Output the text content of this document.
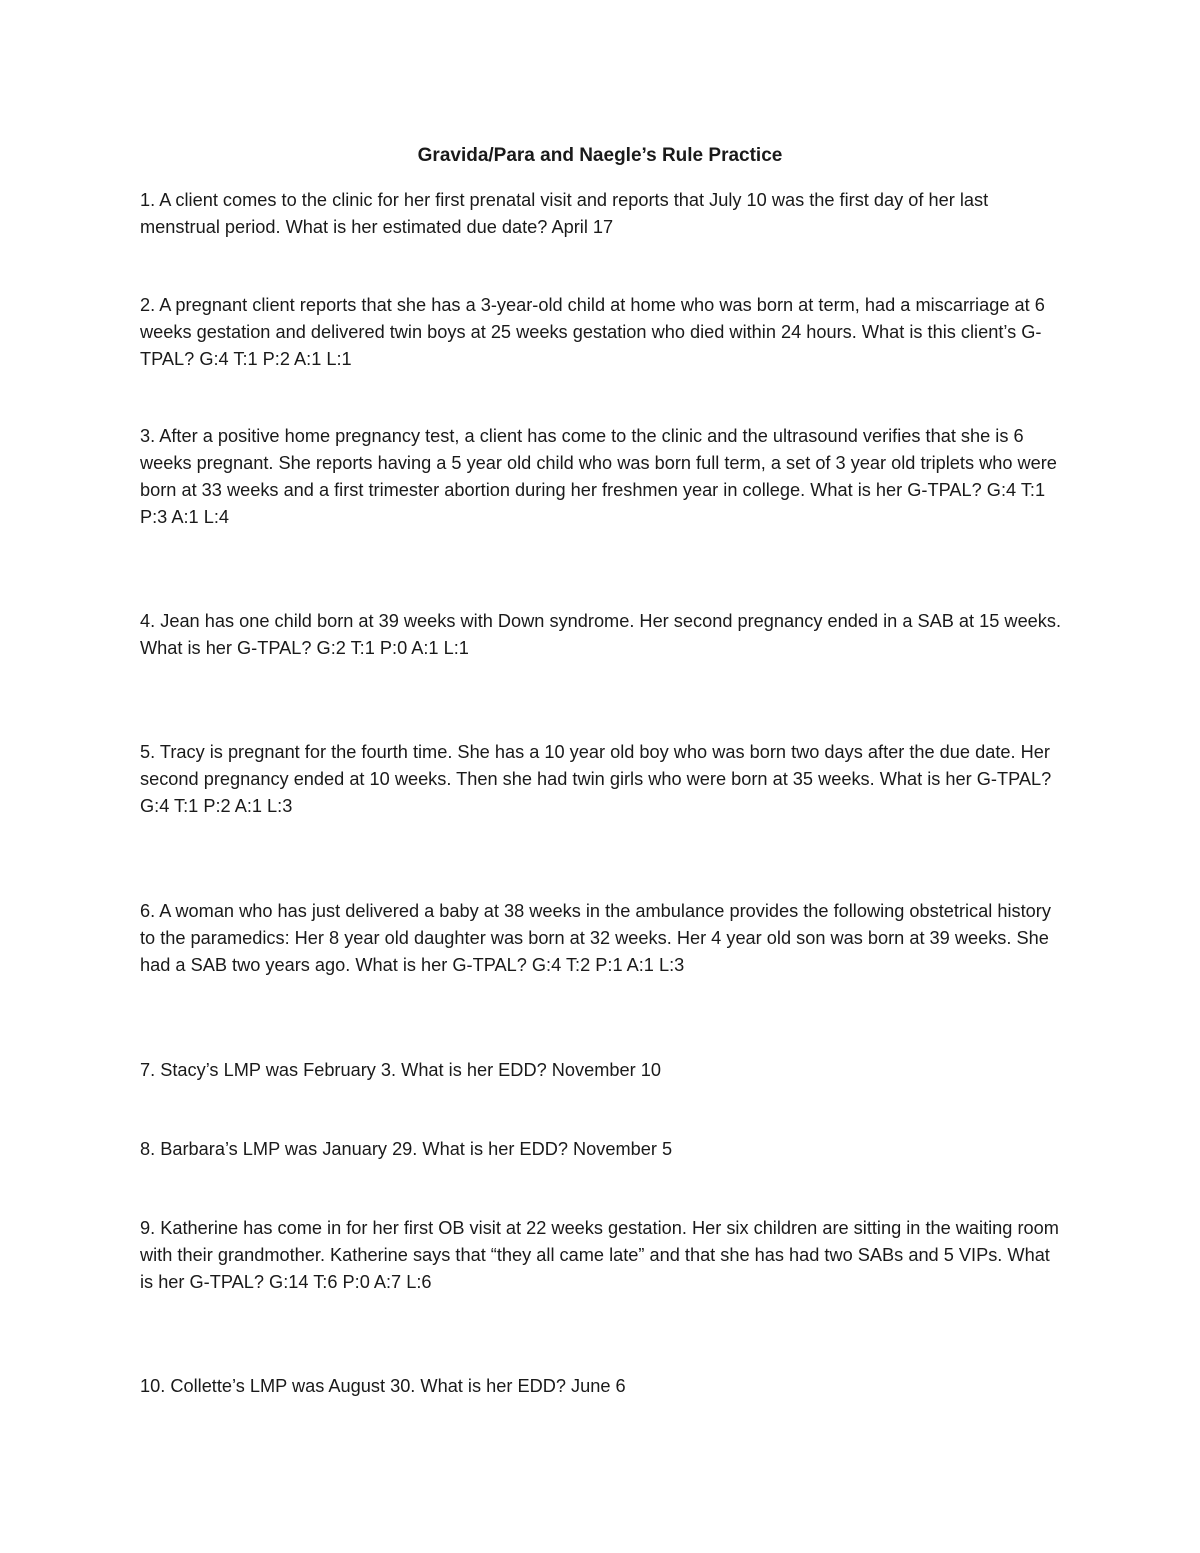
Gravida/Para and Naegle’s Rule Practice

1. A client comes to the clinic for her first prenatal visit and reports that July 10 was the first day of her last menstrual period. What is her estimated due date? April 17

2. A pregnant client reports that she has a 3-year-old child at home who was born at term, had a miscarriage at 6 weeks gestation and delivered twin boys at 25 weeks gestation who died within 24 hours. What is this client’s G-TPAL? G:4 T:1 P:2 A:1 L:1

3. After a positive home pregnancy test, a client has come to the clinic and the ultrasound verifies that she is 6 weeks pregnant. She reports having a 5 year old child who was born full term, a set of 3 year old triplets who were born at 33 weeks and a first trimester abortion during her freshmen year in college. What is her G-TPAL? G:4 T:1 P:3 A:1 L:4

4. Jean has one child born at 39 weeks with Down syndrome. Her second pregnancy ended in a SAB at 15 weeks. What is her G-TPAL? G:2 T:1 P:0 A:1 L:1

5. Tracy is pregnant for the fourth time. She has a 10 year old boy who was born two days after the due date. Her second pregnancy ended at 10 weeks. Then she had twin girls who were born at 35 weeks. What is her G-TPAL? G:4 T:1 P:2 A:1 L:3

6. A woman who has just delivered a baby at 38 weeks in the ambulance provides the following obstetrical history to the paramedics: Her 8 year old daughter was born at 32 weeks. Her 4 year old son was born at 39 weeks. She had a SAB two years ago. What is her G-TPAL? G:4 T:2 P:1 A:1 L:3

7. Stacy’s LMP was February 3. What is her EDD? November 10

8. Barbara’s LMP was January 29. What is her EDD? November 5

9. Katherine has come in for her first OB visit at 22 weeks gestation. Her six children are sitting in the waiting room with their grandmother. Katherine says that “they all came late” and that she has had two SABs and 5 VIPs. What is her G-TPAL? G:14 T:6 P:0 A:7 L:6

10. Collette’s LMP was August 30. What is her EDD? June 6
